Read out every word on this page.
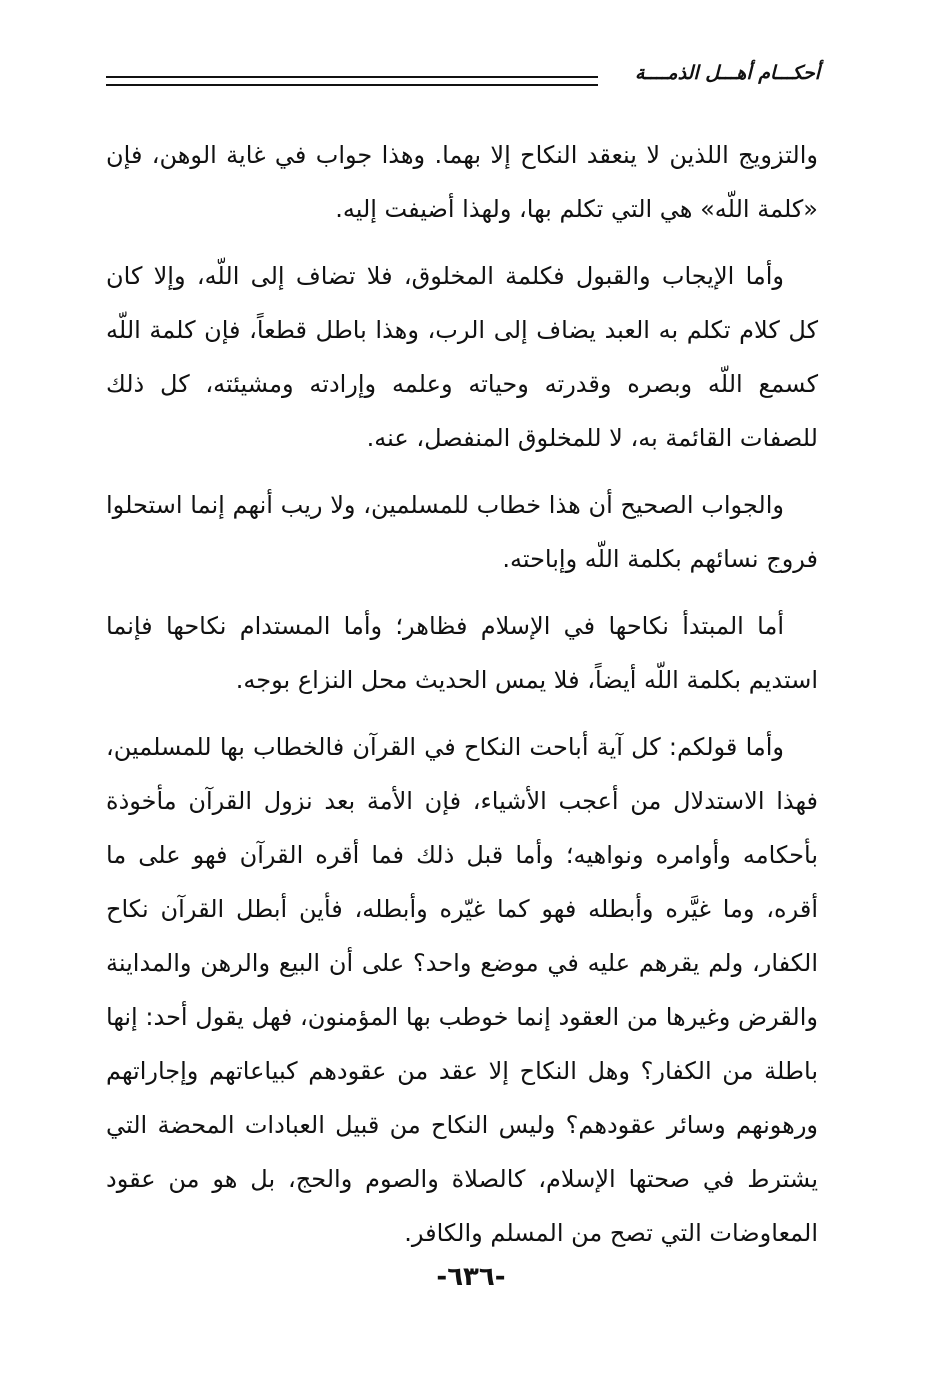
أحكـــام أهـــل الذمــــة

والتزويج اللذين لا ينعقد النكاح إلا بهما. وهذا جواب في غاية الوهن، فإن «كلمة اللّه» هي التي تكلم بها، ولهذا أضيفت إليه.

وأما الإيجاب والقبول فكلمة المخلوق، فلا تضاف إلى اللّه، وإلا كان كل كلام تكلم به العبد يضاف إلى الرب، وهذا باطل قطعاً، فإن كلمة اللّه كسمع اللّه وبصره وقدرته وحياته وعلمه وإرادته ومشيئته، كل ذلك للصفات القائمة به، لا للمخلوق المنفصل، عنه.

والجواب الصحيح أن هذا خطاب للمسلمين، ولا ريب أنهم إنما استحلوا فروج نسائهم بكلمة اللّه وإباحته.

أما المبتدأ نكاحها في الإسلام فظاهر؛ وأما المستدام نكاحها فإنما استديم بكلمة اللّه أيضاً، فلا يمس الحديث محل النزاع بوجه.

وأما قولكم: كل آية أباحت النكاح في القرآن فالخطاب بها للمسلمين، فهذا الاستدلال من أعجب الأشياء، فإن الأمة بعد نزول القرآن مأخوذة بأحكامه وأوامره ونواهيه؛ وأما قبل ذلك فما أقره القرآن فهو على ما أقره، وما غيَّره وأبطله فهو كما غيّره وأبطله، فأين أبطل القرآن نكاح الكفار، ولم يقرهم عليه في موضع واحد؟ على أن البيع والرهن والمداينة والقرض وغيرها من العقود إنما خوطب بها المؤمنون، فهل يقول أحد: إنها باطلة من الكفار؟ وهل النكاح إلا عقد من عقودهم كبياعاتهم وإجاراتهم ورهونهم وسائر عقودهم؟ وليس النكاح من قبيل العبادات المحضة التي يشترط في صحتها الإسلام، كالصلاة والصوم والحج، بل هو من عقود المعاوضات التي تصح من المسلم والكافر.

-٦٣٦-
